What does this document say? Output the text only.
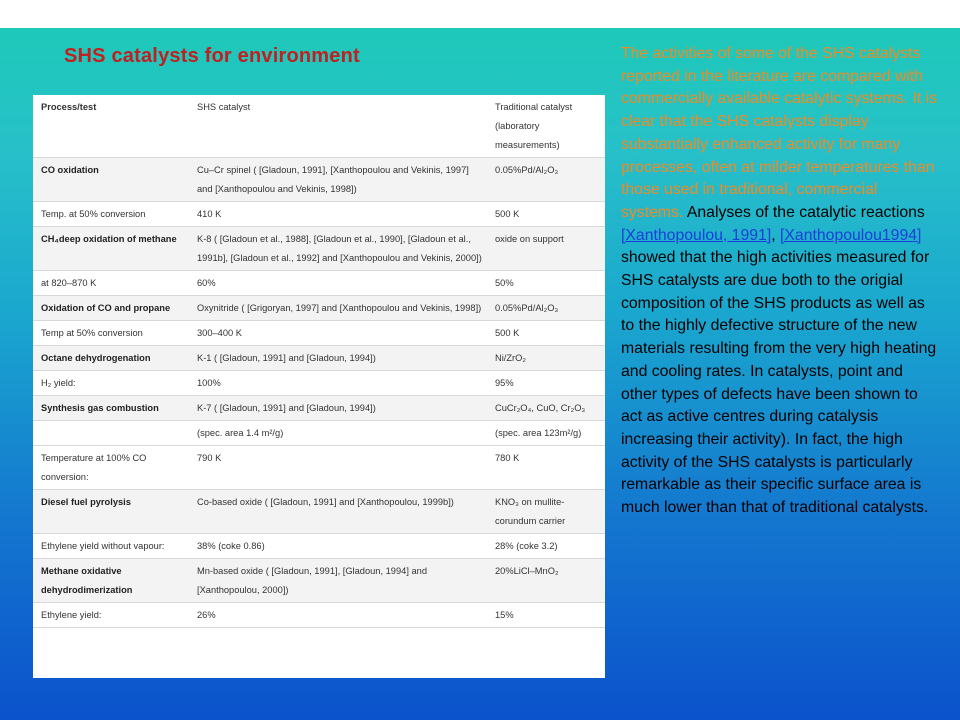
SHS catalysts for environment
Process/test	SHS catalyst	Traditional catalyst (laboratory measurements)
CO oxidation	Cu–Cr spinel ( [Gladoun, 1991], [Xanthopoulou and Vekinis, 1997] and [Xanthopoulou and Vekinis, 1998])	0.05%Pd/Al₂O₃
Temp. at 50% conversion	410 K	500 K
CH₄deep oxidation of methane	K-8 ( [Gladoun et al., 1988], [Gladoun et al., 1990], [Gladoun et al., 1991b], [Gladoun et al., 1992] and [Xanthopoulou and Vekinis, 2000])	oxide on support
at 820–870 K	60%	50%
Oxidation of CO and propane	Oxynitride ( [Grigoryan, 1997] and [Xanthopoulou and Vekinis, 1998])	0.05%Pd/Al₂O₃
Temp at 50% conversion	300–400 K	500 K
Octane dehydrogenation	K-1 ( [Gladoun, 1991] and [Gladoun, 1994])	Ni/ZrO₂
H₂ yield:	100%	95%
Synthesis gas combustion	K-7 ( [Gladoun, 1991] and [Gladoun, 1994])	CuCr₂O₄, CuO, Cr₂O₃
	(spec. area 1.4 m²/g)	(spec. area 123m²/g)
Temperature at 100% CO conversion:	790 K	780 K
Diesel fuel pyrolysis	Co-based oxide ( [Gladoun, 1991] and [Xanthopoulou, 1999b])	KNO₃ on mullite-corundum carrier
Ethylene yield without vapour:	38% (coke 0.86)	28% (coke 3.2)
Methane oxidative dehydrodimerization	Mn-based oxide ( [Gladoun, 1991], [Gladoun, 1994] and [Xanthopoulou, 2000])	20%LiCl–MnO₂
Ethylene yield:	26%	15%
The activities of some of the SHS catalysts reported in the literature are compared with commercially available catalytic systems. It is clear that the SHS catalysts display substantially enhanced activity for many processes, often at milder temperatures than those used in traditional, commercial systems. Analyses of the catalytic reactions [Xanthopoulou, 1991], [Xanthopoulou1994] showed that the high activities measured for SHS catalysts are due both to the origial composition of the SHS products as well as to the highly defective structure of the new materials resulting from the very high heating and cooling rates. In catalysts, point and other types of defects have been shown to act as active centres during catalysis increasing their activity). In fact, the high activity of the SHS catalysts is particularly remarkable as their specific surface area is much lower than that of traditional catalysts.
